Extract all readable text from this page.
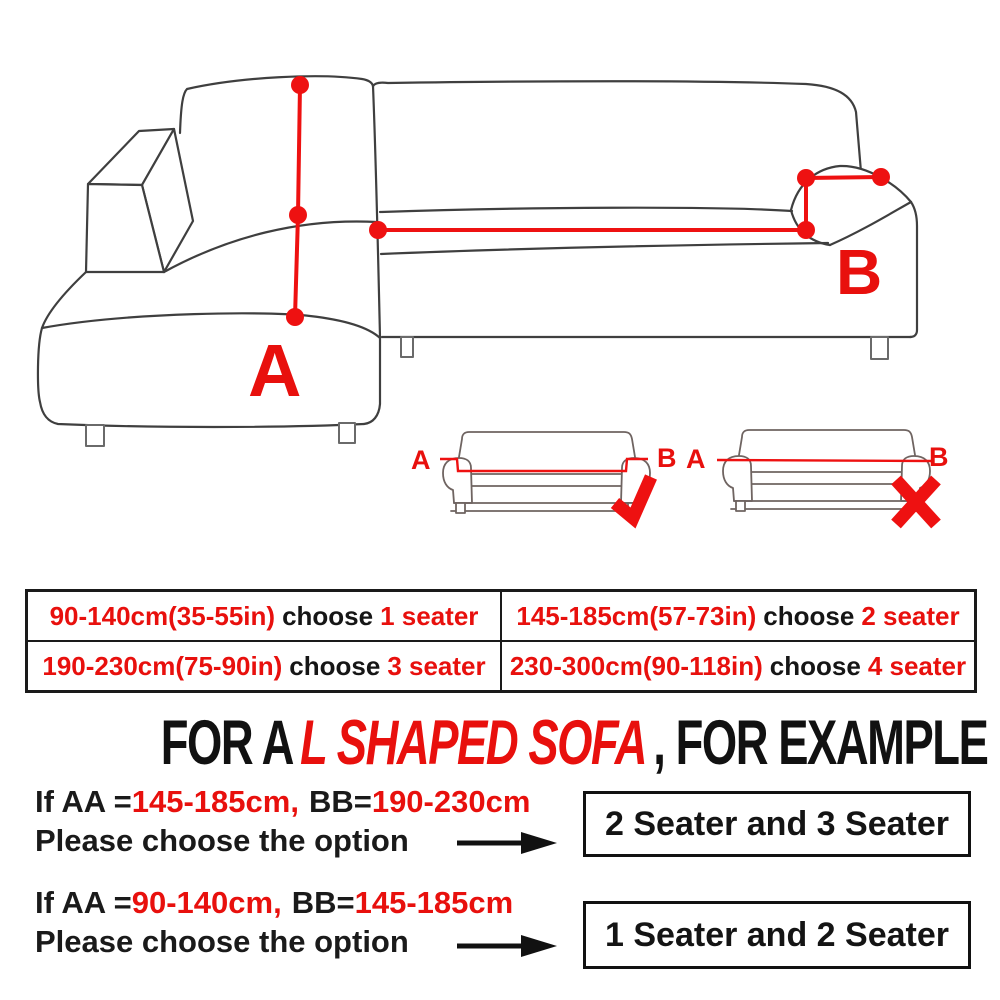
A
B
A	B A	B
90-140cm(35-55in) choose 1 seater 145-185cm(57-73in) choose 2 seater
190-230cm(75-90in) choose 3 seater 230-300cm(90-118in) choose 4 seater
FOR A L SHAPED SOFA , FOR EXAMPLE
If AA =145-185cm, BB=190-230cm
Please choose the option	2 Seater and 3 Seater
If AA =90-140cm, BB=145-185cm
Please choose the option	1 Seater and 2 Seater
